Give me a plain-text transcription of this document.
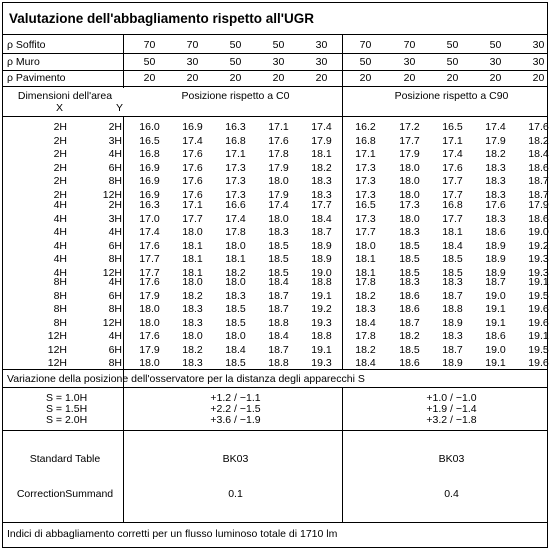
Valutazione dell'abbagliamento rispetto all'UGR
ρ Soffito	70	70	50	50	30	70	70	50	50	30
ρ Muro	50	30	50	30	30	50	30	50	30	30
ρ Pavimento	20	20	20	20	20	20	20	20	20	20
Dimensioni dell'area
X	Y
Posizione rispetto a C0	Posizione rispetto a C90
2H	2H	16.0	16.9	16.3	17.1	17.4	16.2	17.2	16.5	17.4	17.6
2H	3H	16.5	17.4	16.8	17.6	17.9	16.8	17.7	17.1	17.9	18.2
2H	4H	16.8	17.6	17.1	17.8	18.1	17.1	17.9	17.4	18.2	18.4
2H	6H	16.9	17.6	17.3	17.9	18.2	17.3	18.0	17.6	18.3	18.6
2H	8H	16.9	17.6	17.3	18.0	18.3	17.3	18.0	17.7	18.3	18.7
2H	12H	16.9	17.6	17.3	17.9	18.3	17.3	18.0	17.7	18.3	18.7
4H	2H	16.3	17.1	16.6	17.4	17.7	16.5	17.3	16.8	17.6	17.9
4H	3H	17.0	17.7	17.4	18.0	18.4	17.3	18.0	17.7	18.3	18.6
4H	4H	17.4	18.0	17.8	18.3	18.7	17.7	18.3	18.1	18.6	19.0
4H	6H	17.6	18.1	18.0	18.5	18.9	18.0	18.5	18.4	18.9	19.2
4H	8H	17.7	18.1	18.1	18.5	18.9	18.1	18.5	18.5	18.9	19.3
4H	12H	17.7	18.1	18.2	18.5	19.0	18.1	18.5	18.5	18.9	19.3
8H	4H	17.6	18.0	18.0	18.4	18.8	17.8	18.3	18.3	18.7	19.1
8H	6H	17.9	18.2	18.3	18.7	19.1	18.2	18.6	18.7	19.0	19.5
8H	8H	18.0	18.3	18.5	18.7	19.2	18.3	18.6	18.8	19.1	19.6
8H	12H	18.0	18.3	18.5	18.8	19.3	18.4	18.7	18.9	19.1	19.6
12H	4H	17.6	18.0	18.0	18.4	18.8	17.8	18.2	18.3	18.6	19.1
12H	6H	17.9	18.2	18.4	18.7	19.1	18.2	18.5	18.7	19.0	19.5
12H	8H	18.0	18.3	18.5	18.8	19.3	18.4	18.6	18.9	19.1	19.6
Variazione della posizione dell'osservatore per la distanza degli apparecchi S
S = 1.0H	+1.2 / −1.1	+1.0 / −1.0
S = 1.5H	+2.2 / −1.5	+1.9 / −1.4
S = 2.0H	+3.6 / −1.9	+3.2 / −1.8
Standard Table	BK03	BK03
CorrectionSummand	0.1	0.4
Indici di abbagliamento corretti per un flusso luminoso totale di 1710 lm
